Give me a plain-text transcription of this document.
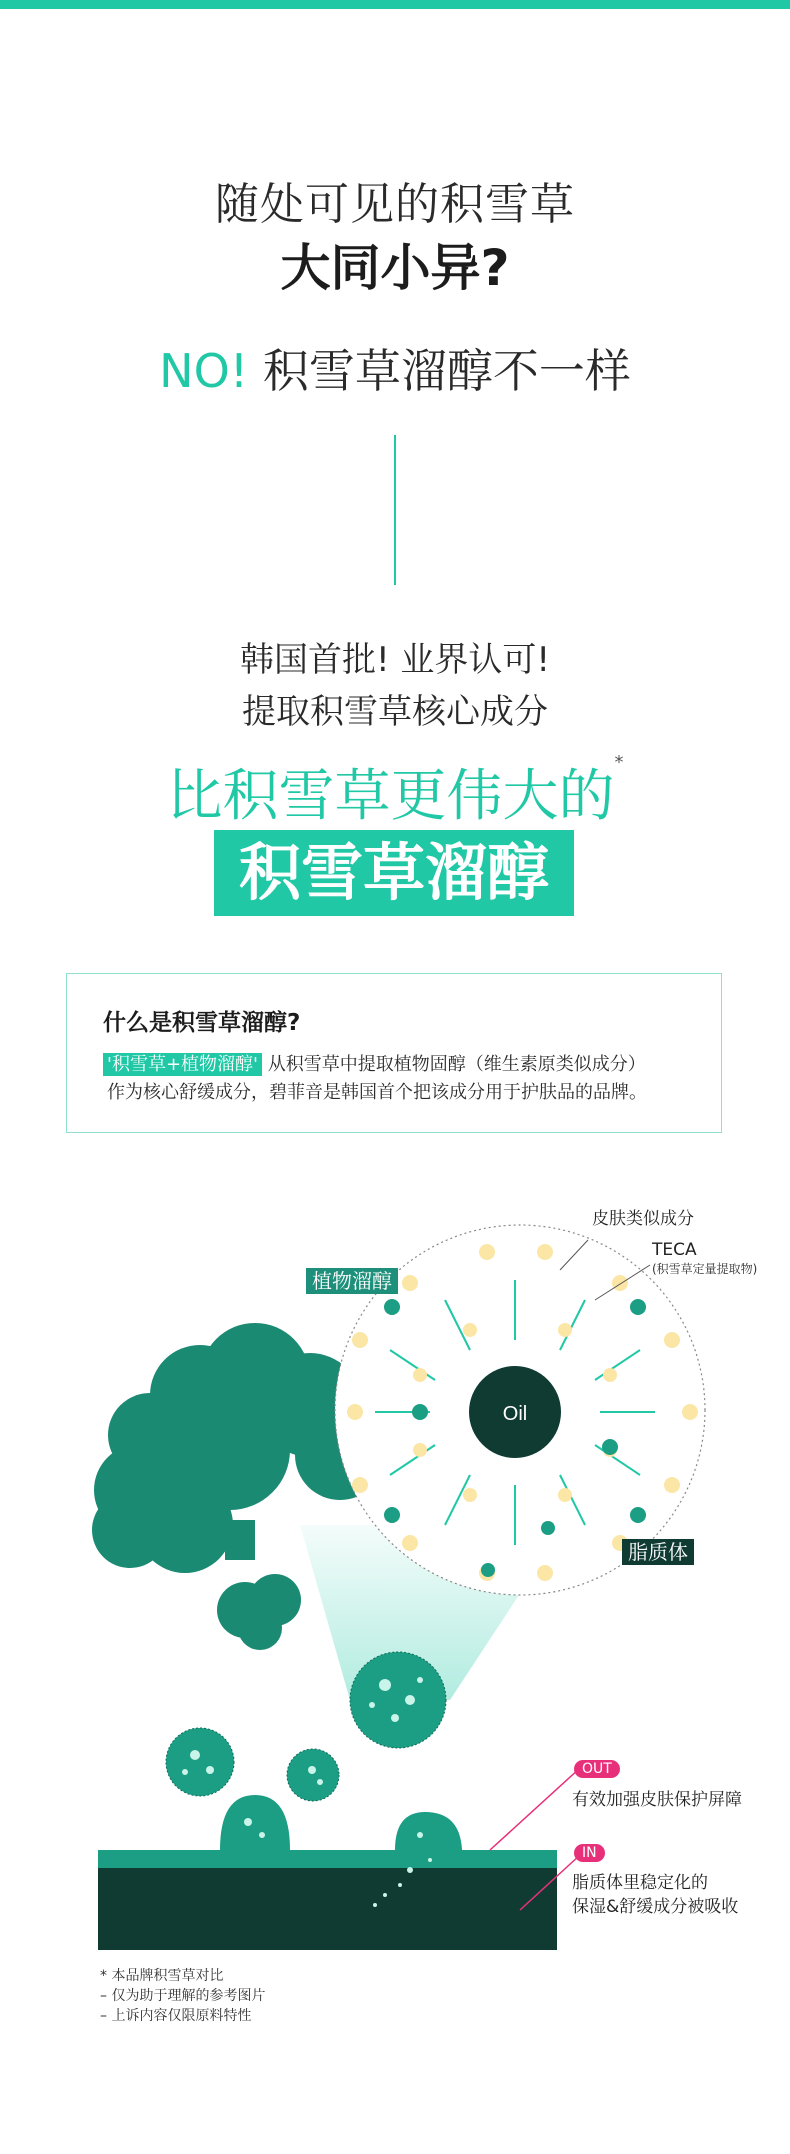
随处可见的积雪草
大同小异?
NO! 积雪草溜醇不一样
韩国首批! 业界认可!
提取积雪草核心成分
比积雪草更伟大的*
积雪草溜醇
什么是积雪草溜醇?
'积雪草+植物溜醇' 从积雪草中提取植物固醇（维生素原类似成分）
作为核心舒缓成分，碧菲音是韩国首个把该成分用于护肤品的品牌。
Oil
皮肤类似成分
TECA
(积雪草定量提取物)
植物溜醇
脂质体
OUT
有效加强皮肤保护屏障
IN
脂质体里稳定化的
保湿&舒缓成分被吸收
* 本品牌积雪草对比
– 仅为助于理解的参考图片
– 上诉内容仅限原料特性
